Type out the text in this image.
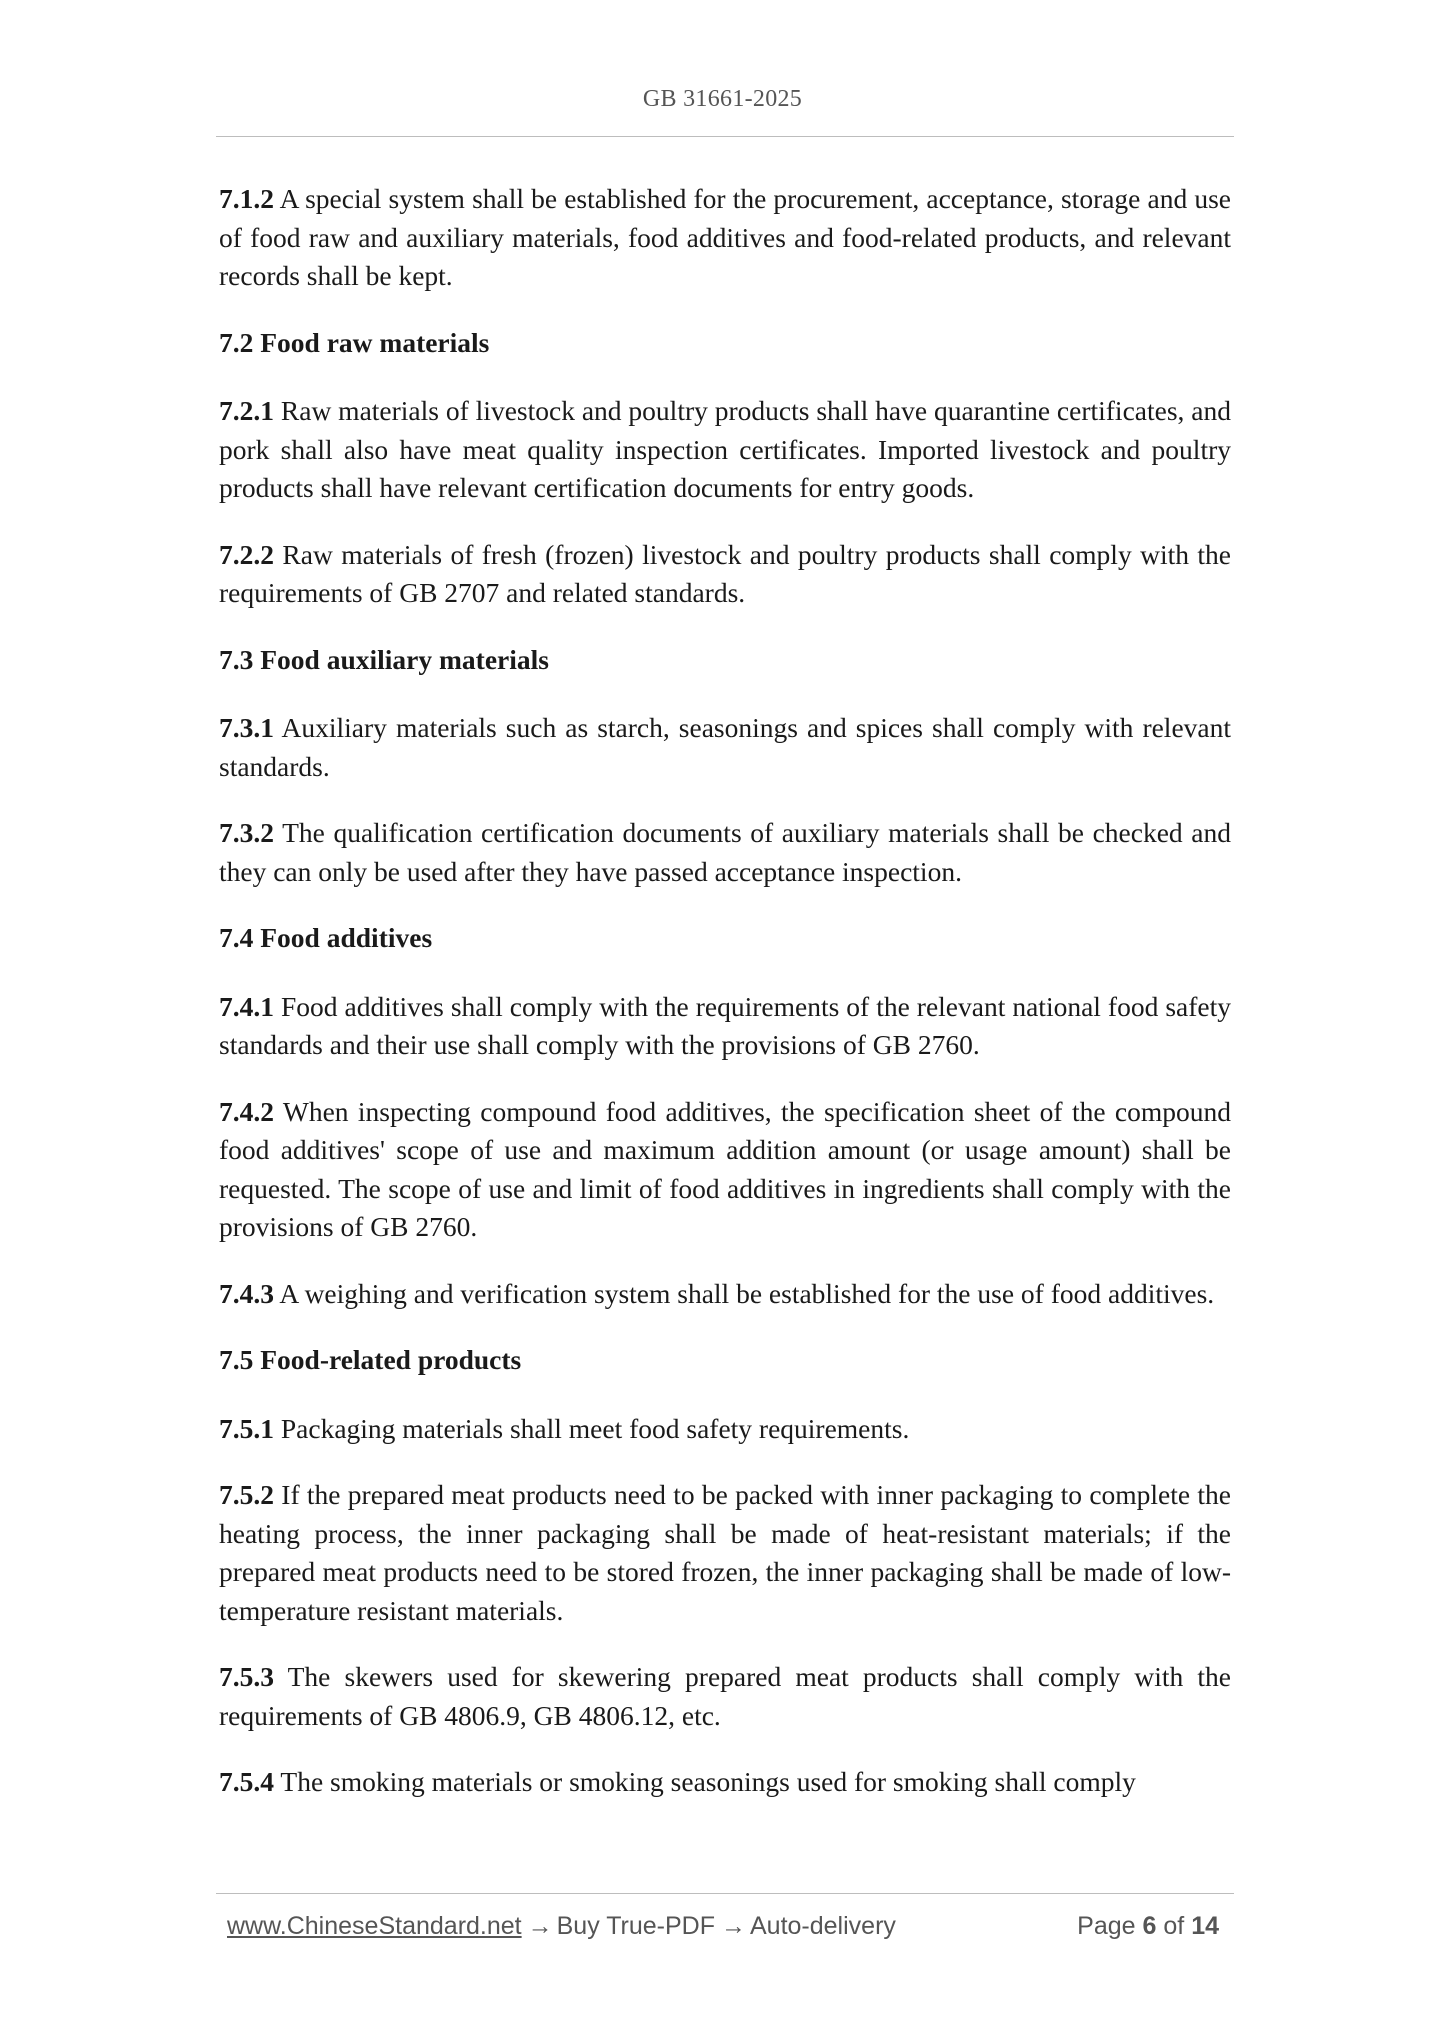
GB 31661-2025

7.1.2 A special system shall be established for the procurement, acceptance, storage and use of food raw and auxiliary materials, food additives and food-related products, and relevant records shall be kept.

7.2 Food raw materials

7.2.1 Raw materials of livestock and poultry products shall have quarantine certificates, and pork shall also have meat quality inspection certificates. Imported livestock and poultry products shall have relevant certification documents for entry goods.

7.2.2 Raw materials of fresh (frozen) livestock and poultry products shall comply with the requirements of GB 2707 and related standards.

7.3 Food auxiliary materials

7.3.1 Auxiliary materials such as starch, seasonings and spices shall comply with relevant standards.

7.3.2 The qualification certification documents of auxiliary materials shall be checked and they can only be used after they have passed acceptance inspection.

7.4 Food additives

7.4.1 Food additives shall comply with the requirements of the relevant national food safety standards and their use shall comply with the provisions of GB 2760.

7.4.2 When inspecting compound food additives, the specification sheet of the compound food additives' scope of use and maximum addition amount (or usage amount) shall be requested. The scope of use and limit of food additives in ingredients shall comply with the provisions of GB 2760.

7.4.3 A weighing and verification system shall be established for the use of food additives.

7.5 Food-related products

7.5.1 Packaging materials shall meet food safety requirements.

7.5.2 If the prepared meat products need to be packed with inner packaging to complete the heating process, the inner packaging shall be made of heat-resistant materials; if the prepared meat products need to be stored frozen, the inner packaging shall be made of low-temperature resistant materials.

7.5.3 The skewers used for skewering prepared meat products shall comply with the requirements of GB 4806.9, GB 4806.12, etc.

7.5.4 The smoking materials or smoking seasonings used for smoking shall comply

www.ChineseStandard.net → Buy True-PDF → Auto-delivery	Page 6 of 14
